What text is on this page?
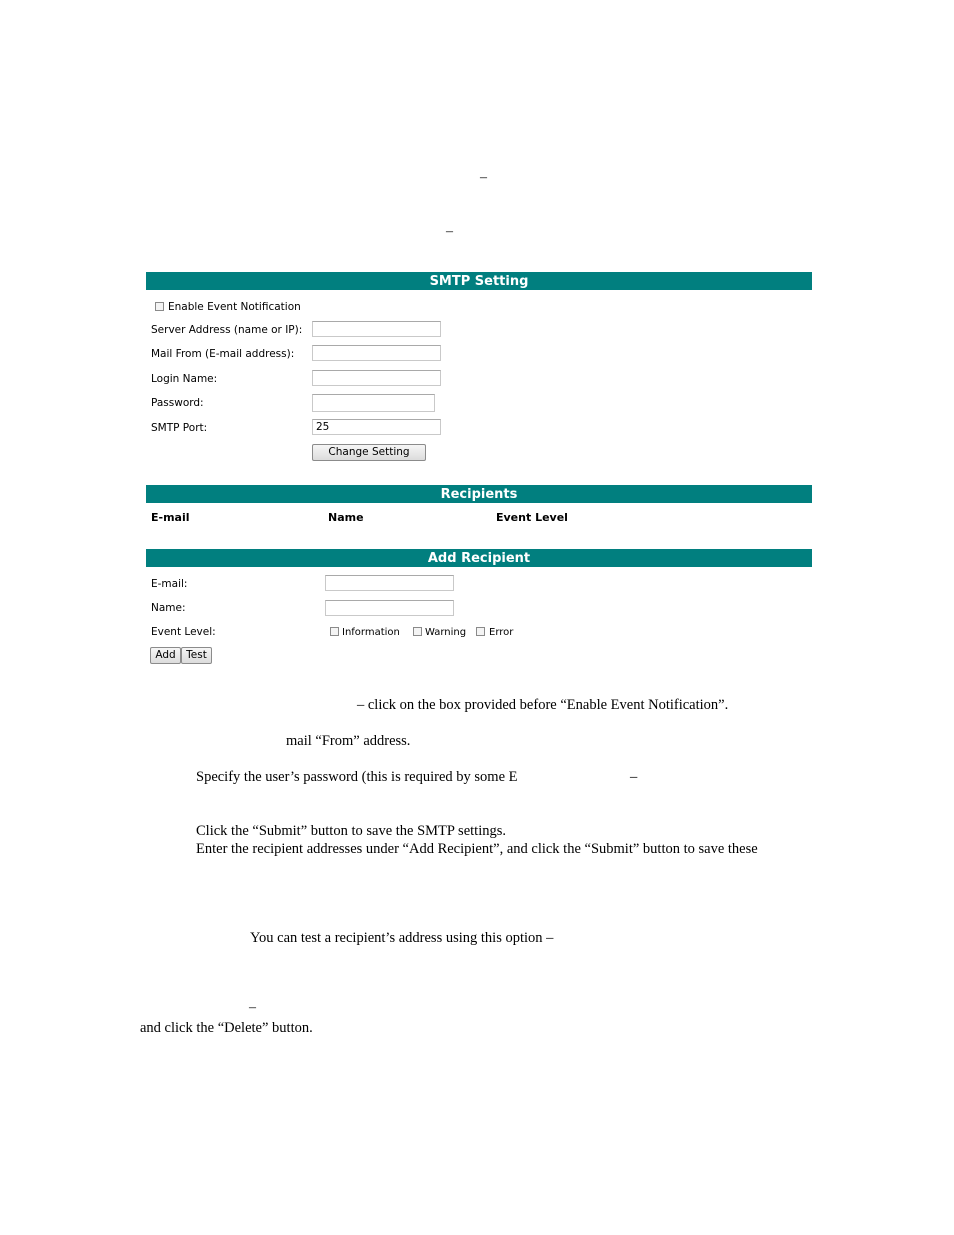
–
–
SMTP Setting
Enable Event Notification
Server Address (name or IP):
Mail From (E-mail address):
Login Name:
Password:
SMTP Port:	25
Change Setting
Recipients
E-mail	Name	Event Level
Add Recipient
E-mail:
Name:
Event Level:	Information	Warning Error
Add Test
– click on the box provided before “Enable Event Notification”.
mail “From” address.
Specify the user’s password (this is required by some E	–
Click the “Submit” button to save the SMTP settings.
Enter the recipient addresses under “Add Recipient”, and click the “Submit” button to save these
You can test a recipient’s address using this option –
–
and click the “Delete” button.
